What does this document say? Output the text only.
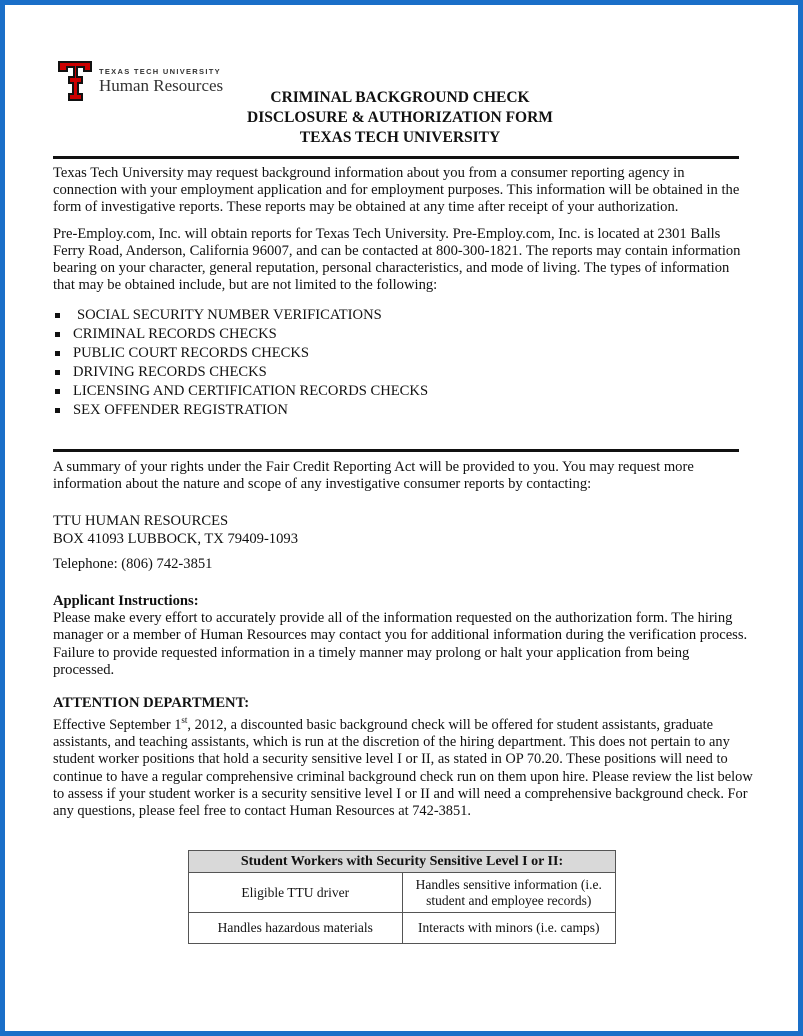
TEXAS TECH UNIVERSITY
Human Resources
CRIMINAL BACKGROUND CHECK
DISCLOSURE & AUTHORIZATION FORM
TEXAS TECH UNIVERSITY

Texas Tech University may request background information about you from a consumer reporting agency in connection with your employment application and for employment purposes. This information will be obtained in the form of investigative reports. These reports may be obtained at any time after receipt of your authorization.

Pre-Employ.com, Inc. will obtain reports for Texas Tech University. Pre-Employ.com, Inc. is located at 2301 Balls Ferry Road, Anderson, California 96007, and can be contacted at 800-300-1821. The reports may contain information bearing on your character, general reputation, personal characteristics, and mode of living. The types of information that may be obtained include, but are not limited to the following:

SOCIAL SECURITY NUMBER VERIFICATIONS
CRIMINAL RECORDS CHECKS
PUBLIC COURT RECORDS CHECKS
DRIVING RECORDS CHECKS
LICENSING AND CERTIFICATION RECORDS CHECKS
SEX OFFENDER REGISTRATION

A summary of your rights under the Fair Credit Reporting Act will be provided to you. You may request more information about the nature and scope of any investigative consumer reports by contacting:

TTU HUMAN RESOURCES
BOX 41093 LUBBOCK, TX 79409-1093
Telephone: (806) 742-3851
Applicant Instructions:

Please make every effort to accurately provide all of the information requested on the authorization form. The hiring manager or a member of Human Resources may contact you for additional information during the verification process. Failure to provide requested information in a timely manner may prolong or halt your application from being processed.

ATTENTION DEPARTMENT:

Effective September 1st, 2012, a discounted basic background check will be offered for student assistants, graduate assistants, and teaching assistants, which is run at the discretion of the hiring department. This does not pertain to any student worker positions that hold a security sensitive level I or II, as stated in OP 70.20. These positions will need to continue to have a regular comprehensive criminal background check run on them upon hire. Please review the list below to assess if your student worker is a security sensitive level I or II and will need a comprehensive background check. For any questions, please feel free to contact Human Resources at 742-3851.

Student Workers with Security Sensitive Level I or II:	
Eligible TTU driver	Handles sensitive information (i.e. student and employee records)
Handles hazardous materials	Interacts with minors (i.e. camps)
